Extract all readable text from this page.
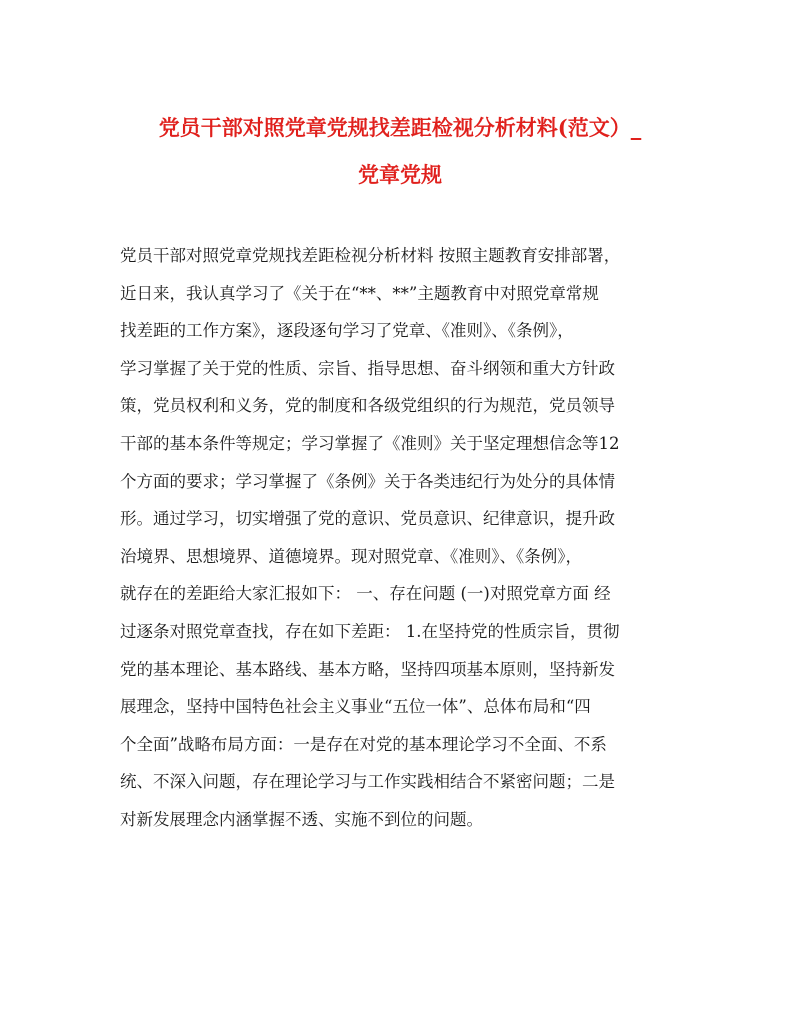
党员干部对照党章党规找差距检视分析材料(范文）_
党章党规
党员干部对照党章党规找差距检视分析材料 按照主题教育安排部署，
近日来，我认真学习了《关于在“**、**”主题教育中对照党章常规
找差距的工作方案》，逐段逐句学习了党章、《准则》、《条例》，
学习掌握了关于党的性质、宗旨、指导思想、奋斗纲领和重大方针政
策，党员权利和义务，党的制度和各级党组织的行为规范，党员领导
干部的基本条件等规定；学习掌握了《准则》关于坚定理想信念等12
个方面的要求；学习掌握了《条例》关于各类违纪行为处分的具体情
形。通过学习，切实增强了党的意识、党员意识、纪律意识，提升政
治境界、思想境界、道德境界。现对照党章、《准则》、《条例》，
就存在的差距给大家汇报如下： 一、存在问题 (一)对照党章方面 经
过逐条对照党章查找，存在如下差距： 1.在坚持党的性质宗旨，贯彻
党的基本理论、基本路线、基本方略，坚持四项基本原则，坚持新发
展理念，坚持中国特色社会主义事业“五位一体”、总体布局和“四
个全面”战略布局方面：一是存在对党的基本理论学习不全面、不系
统、不深入问题，存在理论学习与工作实践相结合不紧密问题；二是
对新发展理念内涵掌握不透、实施不到位的问题。
